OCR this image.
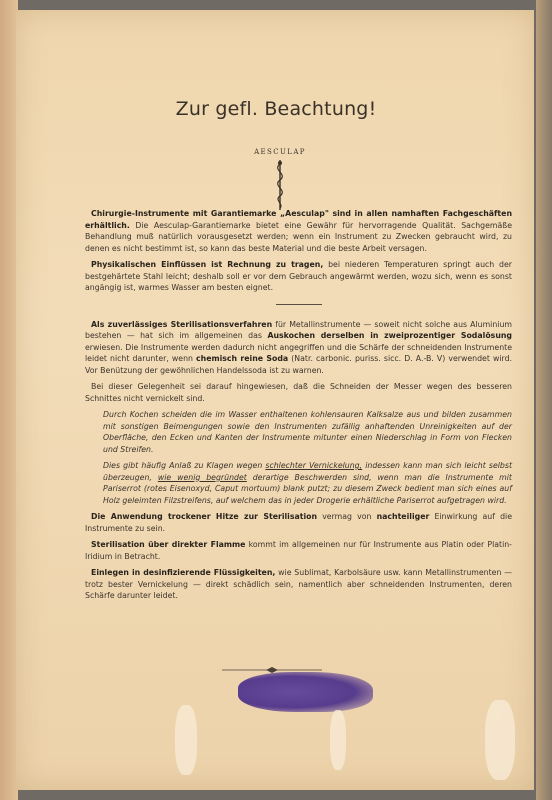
Zur gefl. Beachtung!
AESCULAP

Chirurgie-Instrumente mit Garantiemarke „Aesculap" sind in allen namhaften Fachgeschäften erhältlich. Die Aesculap-Garantiemarke bietet eine Gewähr für hervorragende Qualität. Sachgemäße Behandlung muß natürlich vorausgesetzt werden; wenn ein Instrument zu Zwecken gebraucht wird, zu denen es nicht bestimmt ist, so kann das beste Material und die beste Arbeit versagen.

Physikalischen Einflüssen ist Rechnung zu tragen, bei niederen Temperaturen springt auch der bestgehärtete Stahl leicht; deshalb soll er vor dem Gebrauch angewärmt werden, wozu sich, wenn es sonst angängig ist, warmes Wasser am besten eignet.

Als zuverlässiges Sterilisationsverfahren für Metallinstrumente — soweit nicht solche aus Aluminium bestehen — hat sich im allgemeinen das Auskochen derselben in zweiprozentiger Sodalösung erwiesen. Die Instrumente werden dadurch nicht angegriffen und die Schärfe der schneidenden Instrumente leidet nicht darunter, wenn chemisch reine Soda (Natr. carbonic. puriss. sicc. D. A.-B. V) verwendet wird. Vor Benützung der gewöhnlichen Handelssoda ist zu warnen.

Bei dieser Gelegenheit sei darauf hingewiesen, daß die Schneiden der Messer wegen des besseren Schnittes nicht vernickelt sind.

Durch Kochen scheiden die im Wasser enthaltenen kohlensauren Kalksalze aus und bilden zusammen mit sonstigen Beimengungen sowie den Instrumenten zufällig anhaftenden Unreinigkeiten auf der Oberfläche, den Ecken und Kanten der Instrumente mitunter einen Niederschlag in Form von Flecken und Streifen.

Dies gibt häufig Anlaß zu Klagen wegen schlechter Vernickelung, indessen kann man sich leicht selbst überzeugen, wie wenig begründet derartige Beschwerden sind, wenn man die Instrumente mit Pariserrot (rotes Eisenoxyd, Caput mortuum) blank putzt; zu diesem Zweck bedient man sich eines auf Holz geleimten Filzstreifens, auf welchem das in jeder Drogerie erhältliche Pariserrot aufgetragen wird.

Die Anwendung trockener Hitze zur Sterilisation vermag von nachteiliger Einwirkung auf die Instrumente zu sein.

Sterilisation über direkter Flamme kommt im allgemeinen nur für Instrumente aus Platin oder Platin-Iridium in Betracht.

Einlegen in desinfizierende Flüssigkeiten, wie Sublimat, Karbolsäure usw. kann Metallinstrumenten — trotz bester Vernickelung — direkt schädlich sein, namentlich aber schneidenden Instrumenten, deren Schärfe darunter leidet.
